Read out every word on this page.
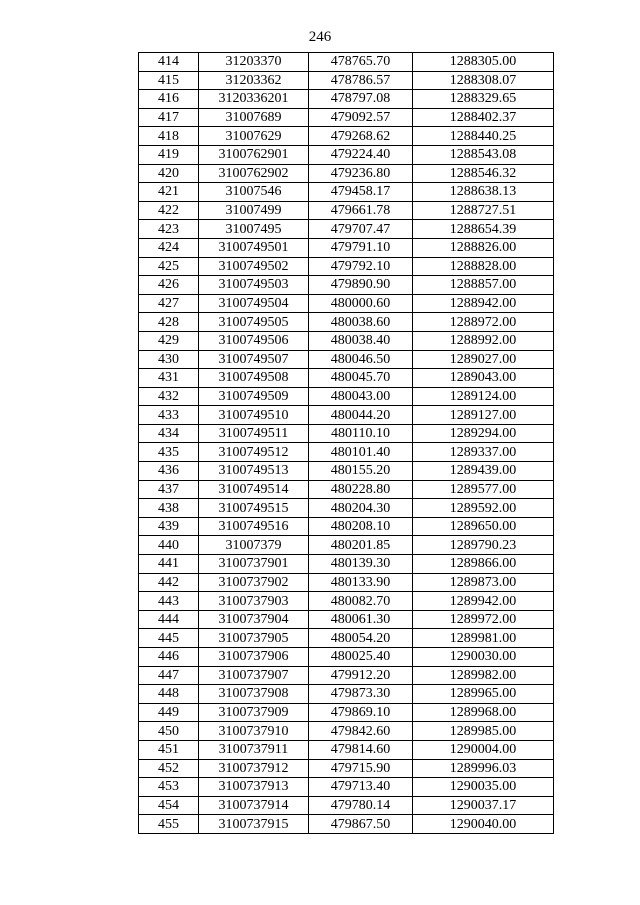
246
414	31203370	478765.70	1288305.00
415	31203362	478786.57	1288308.07
416	3120336201	478797.08	1288329.65
417	31007689	479092.57	1288402.37
418	31007629	479268.62	1288440.25
419	3100762901	479224.40	1288543.08
420	3100762902	479236.80	1288546.32
421	31007546	479458.17	1288638.13
422	31007499	479661.78	1288727.51
423	31007495	479707.47	1288654.39
424	3100749501	479791.10	1288826.00
425	3100749502	479792.10	1288828.00
426	3100749503	479890.90	1288857.00
427	3100749504	480000.60	1288942.00
428	3100749505	480038.60	1288972.00
429	3100749506	480038.40	1288992.00
430	3100749507	480046.50	1289027.00
431	3100749508	480045.70	1289043.00
432	3100749509	480043.00	1289124.00
433	3100749510	480044.20	1289127.00
434	3100749511	480110.10	1289294.00
435	3100749512	480101.40	1289337.00
436	3100749513	480155.20	1289439.00
437	3100749514	480228.80	1289577.00
438	3100749515	480204.30	1289592.00
439	3100749516	480208.10	1289650.00
440	31007379	480201.85	1289790.23
441	3100737901	480139.30	1289866.00
442	3100737902	480133.90	1289873.00
443	3100737903	480082.70	1289942.00
444	3100737904	480061.30	1289972.00
445	3100737905	480054.20	1289981.00
446	3100737906	480025.40	1290030.00
447	3100737907	479912.20	1289982.00
448	3100737908	479873.30	1289965.00
449	3100737909	479869.10	1289968.00
450	3100737910	479842.60	1289985.00
451	3100737911	479814.60	1290004.00
452	3100737912	479715.90	1289996.03
453	3100737913	479713.40	1290035.00
454	3100737914	479780.14	1290037.17
455	3100737915	479867.50	1290040.00
